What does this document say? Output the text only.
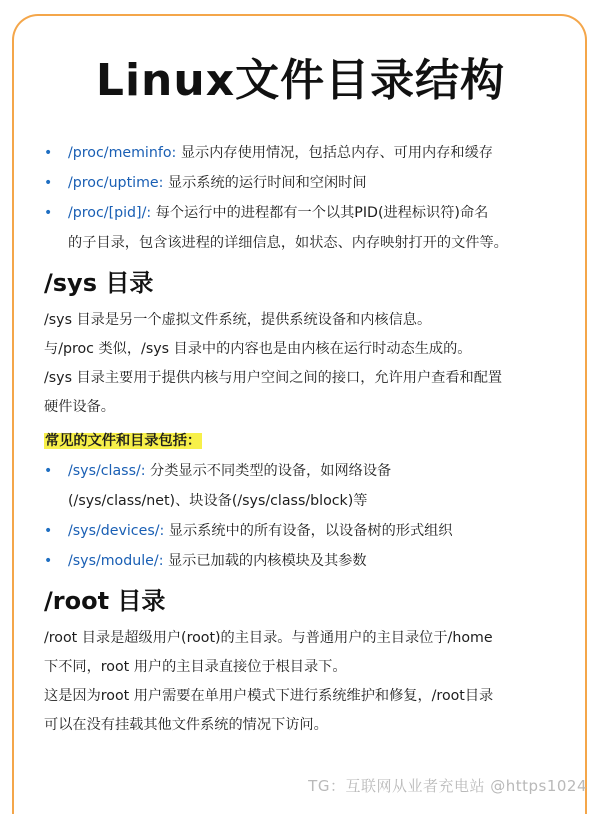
Linux文件目录结构
• /proc/meminfo: 显示内存使用情况，包括总内存、可用内存和缓存
• /proc/uptime: 显示系统的运行时间和空闲时间
• /proc/[pid]/: 每个运行中的进程都有一个以其PID(进程标识符)命名
的子目录，包含该进程的详细信息，如状态、内存映射打开的文件等。
/sys 目录
/sys 目录是另一个虚拟文件系统，提供系统设备和内核信息。
与/proc 类似，/sys 目录中的内容也是由内核在运行时动态生成的。
/sys 目录主要用于提供内核与用户空间之间的接口，允许用户查看和配置
硬件设备。
常见的文件和目录包括：
• /sys/class/: 分类显示不同类型的设备，如网络设备
(/sys/class/net)、块设备(/sys/class/block)等
• /sys/devices/: 显示系统中的所有设备，以设备树的形式组织
• /sys/module/: 显示已加载的内核模块及其参数
/root 目录
/root 目录是超级用户(root)的主目录。与普通用户的主目录位于/home
下不同，root 用户的主目录直接位于根目录下。
这是因为root 用户需要在单用户模式下进行系统维护和修复，/root目录
可以在没有挂载其他文件系统的情况下访问。
TG：互联网从业者充电站 @https1024
